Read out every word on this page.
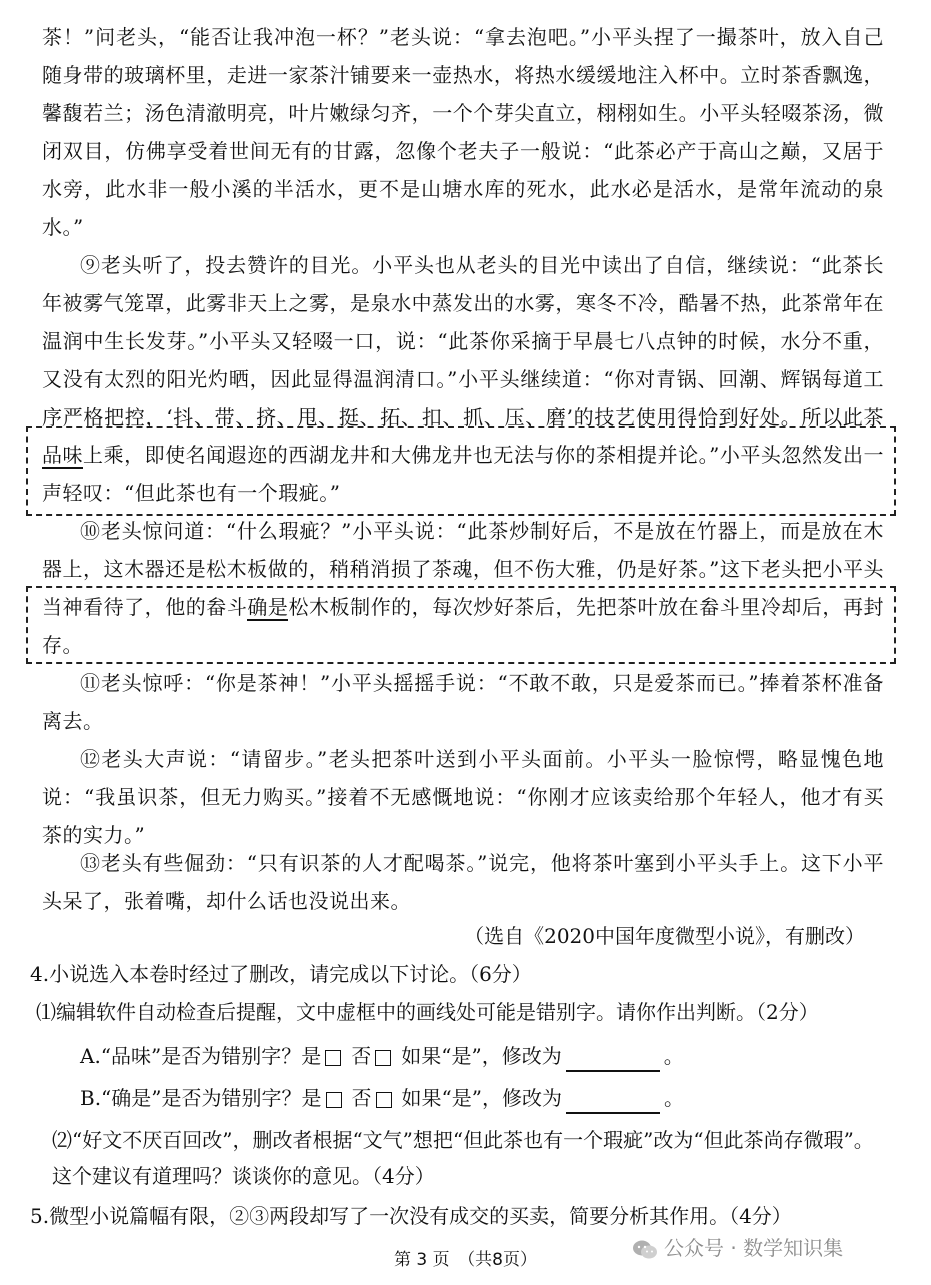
茶！”问老头，“能否让我冲泡一杯？”老头说：“拿去泡吧。”小平头捏了一撮茶叶，放入自己随身带的玻璃杯里，走进一家茶汁铺要来一壶热水，将热水缓缓地注入杯中。立时茶香飘逸，馨馥若兰；汤色清澈明亮，叶片嫩绿匀齐，一个个芽尖直立，栩栩如生。小平头轻啜茶汤，微闭双目，仿佛享受着世间无有的甘露，忽像个老夫子一般说：“此茶必产于高山之巅，又居于水旁，此水非一般小溪的半活水，更不是山塘水库的死水，此水必是活水，是常年流动的泉水。”

⑨老头听了，投去赞许的目光。小平头也从老头的目光中读出了自信，继续说：“此茶长年被雾气笼罩，此雾非天上之雾，是泉水中蒸发出的水雾，寒冬不冷，酷暑不热，此茶常年在温润中生长发芽。”小平头又轻啜一口，说：“此茶你采摘于早晨七八点钟的时候，水分不重，又没有太烈的阳光灼晒，因此显得温润清口。”小平头继续道：“你对青锅、回潮、辉锅每道工序严格把控，‘抖、带、挤、甩、挺、拓、扣、抓、压、磨’的技艺使用得恰到好处。所以此茶品味上乘，即使名闻遐迩的西湖龙井和大佛龙井也无法与你的茶相提并论。”小平头忽然发出一声轻叹：“但此茶也有一个瑕疵。”

⑩老头惊问道：“什么瑕疵？”小平头说：“此茶炒制好后，不是放在竹器上，而是放在木器上，这木器还是松木板做的，稍稍消损了茶魂，但不伤大雅，仍是好茶。”这下老头把小平头当神看待了，他的畚斗确是松木板制作的，每次炒好茶后，先把茶叶放在畚斗里冷却后，再封存。

⑪老头惊呼：“你是茶神！”小平头摇摇手说：“不敢不敢，只是爱茶而已。”捧着茶杯准备离去。

⑫老头大声说：“请留步。”老头把茶叶送到小平头面前。小平头一脸惊愕，略显愧色地说：“我虽识茶，但无力购买。”接着不无感慨地说：“你刚才应该卖给那个年轻人，他才有买茶的实力。”

⑬老头有些倔劲：“只有识茶的人才配喝茶。”说完，他将茶叶塞到小平头手上。这下小平头呆了，张着嘴，却什么话也没说出来。

（选自《2020中国年度微型小说》，有删改）
4.小说选入本卷时经过了删改，请完成以下讨论。（6分）
⑴编辑软件自动检查后提醒，文中虚框中的画线处可能是错别字。请你作出判断。（2分）
A.“品味”是否为错别字？是 否 如果“是”，修改为	。
B.“确是”是否为错别字？是 否 如果“是”，修改为	。
⑵“好文不厌百回改”，删改者根据“文气”想把“但此茶也有一个瑕疵”改为“但此茶尚存微瑕”。这个建议有道理吗？谈谈你的意见。（4分）
5.微型小说篇幅有限，②③两段却写了一次没有成交的买卖，简要分析其作用。（4分）
公众号 · 数学知识集
第 3 页　（共8页）
